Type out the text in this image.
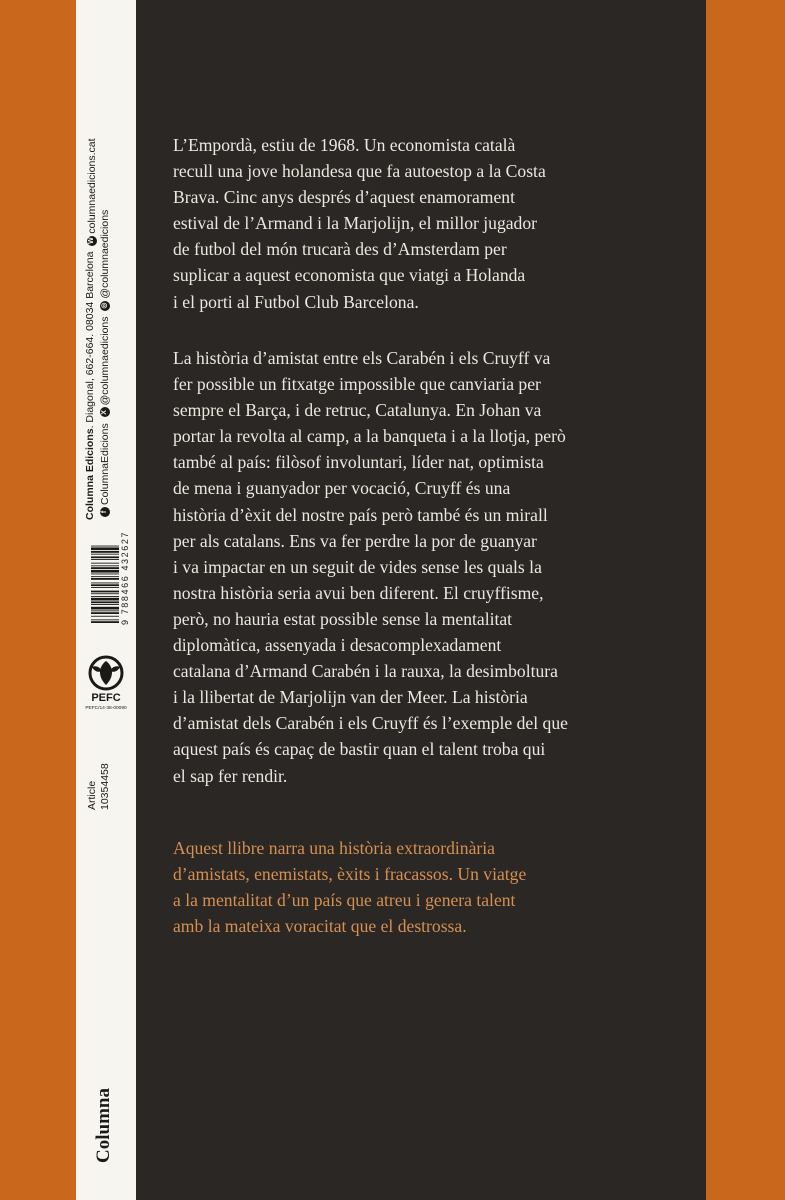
Columna Edicions. Diagonal, 662-664. 08034 Barcelona
W
columnaedicions.cat
f
ColumnaEdicions

X
@columnaedicions

◎
@columnaedicions
9 788466 432627
PEFC
PEFC/14-38-00090
Article 10354458
Columna

L’Empordà, estiu de 1968. Un economista català
recull una jove holandesa que fa autoestop a la Costa
Brava. Cinc anys després d’aquest enamorament
estival de l’Armand i la Marjolijn, el millor jugador
de futbol del món trucarà des d’Amsterdam per
suplicar a aquest economista que viatgi a Holanda
i el porti al Futbol Club Barcelona.

La història d’amistat entre els Carabén i els Cruyff va
fer possible un fitxatge impossible que canviaria per
sempre el Barça, i de retruc, Catalunya. En Johan va
portar la revolta al camp, a la banqueta i a la llotja, però
també al país: filòsof involuntari, líder nat, optimista
de mena i guanyador per vocació, Cruyff és una
història d’èxit del nostre país però també és un mirall
per als catalans. Ens va fer perdre la por de guanyar
i va impactar en un seguit de vides sense les quals la
nostra història seria avui ben diferent. El cruyffisme,
però, no hauria estat possible sense la mentalitat
diplomàtica, assenyada i desacomplexadament
catalana d’Armand Carabén i la rauxa, la desimboltura
i la llibertat de Marjolijn van der Meer. La història
d’amistat dels Carabén i els Cruyff és l’exemple del que
aquest país és capaç de bastir quan el talent troba qui
el sap fer rendir.

Aquest llibre narra una història extraordinària
d’amistats, enemistats, èxits i fracassos. Un viatge
a la mentalitat d’un país que atreu i genera talent
amb la mateixa voracitat que el destrossa.
